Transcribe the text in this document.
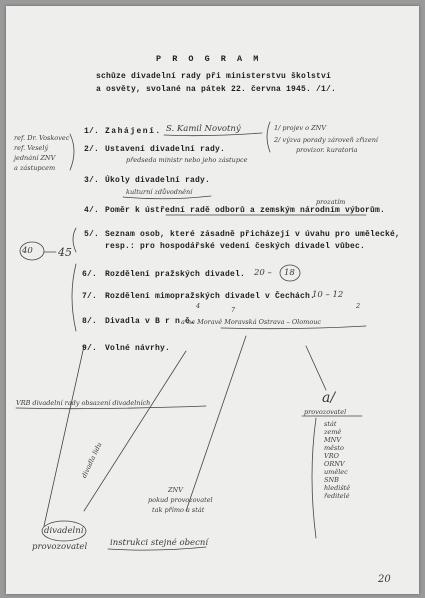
P R O G R A M
schůze divadelní rady při ministerstvu školství
a osvěty, svolané na pátek 22. června 1945. /1/.
1/. Zahájení.
2/. Ustavení divadelní rady.
3/. Úkoly divadelní rady.
4/. Poměr k ústřední radě odborů a zemským národním výborům.
5/. Seznam osob, které zásadně přicházejí v úvahu pro umělecké,
resp.: pro hospodářské vedení českých divadel vůbec.
6/. Rozdělení pražských divadel.
7/. Rozdělení mimopražských divadel v Čechách.
8/. Divadla v B r n ě.
9/. Volné návrhy.
S. Kamil Novotný	1/ projev o ZNV
2/ výzva porady zároveň zřizení
provizor. kuratoria
předseda ministr nebo jeho zástupce
kulturní zdůvodnění
ref. Dr. Voskovec
ref. Veselý
jednání ZNV
a zástupcem
prozatím
40 45
20 – 18
10 – 12
4	7	2
a na Moravě Moravská Ostrava – Olomouc
VRB divadelní rady obsazení divadelních
divadla lidu
divadelní
provozovatel
ZNV
pokud provozovatel
tak přímo a stát
instrukci stejné obecní
a/
provozovatel
stát
země
MNV
město
VRO
ORNV
umělec
SNB
hlediště
ředitelé
20
